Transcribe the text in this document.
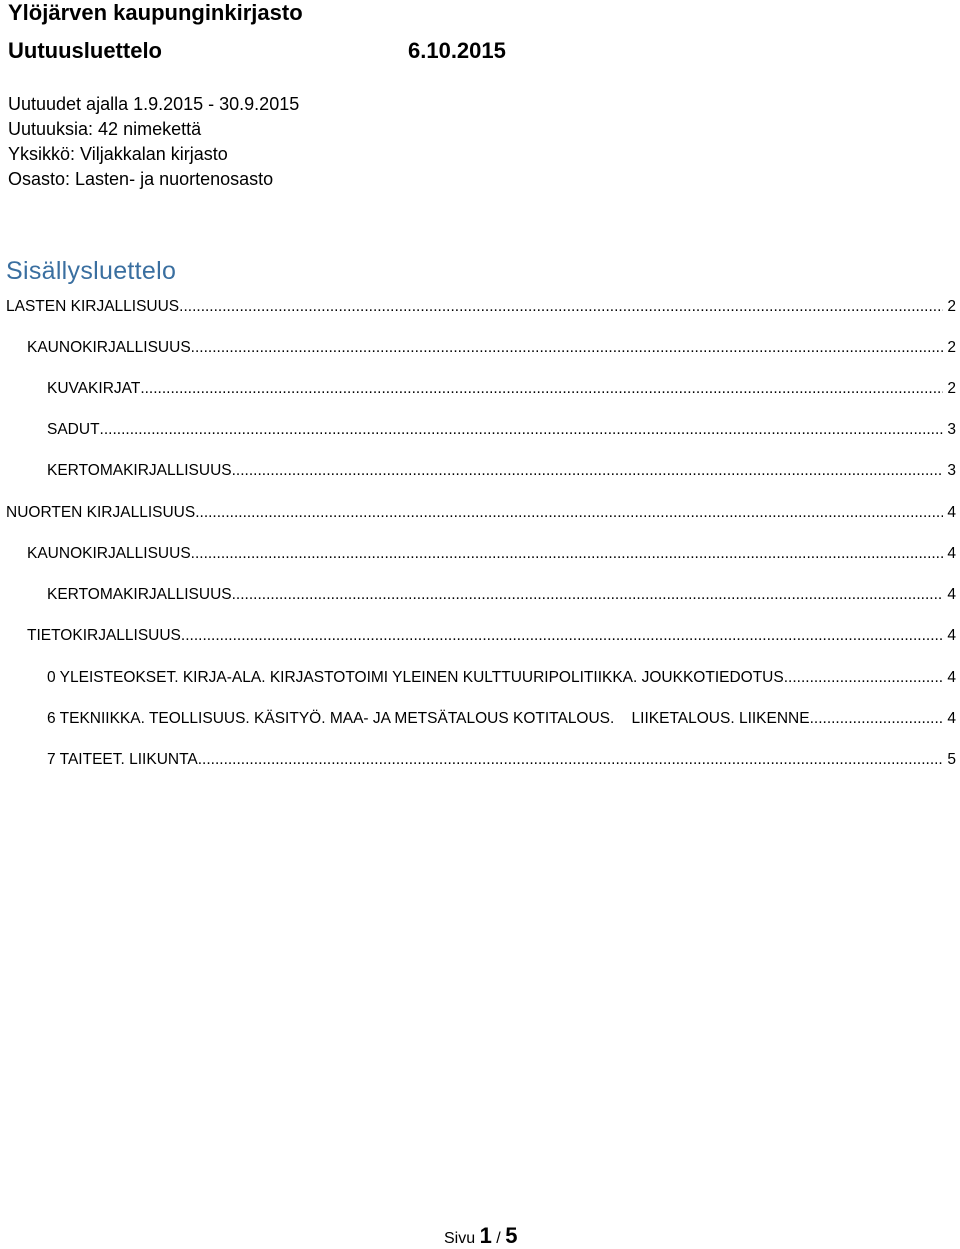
Ylöjärven kaupunginkirjasto
Uutuusluettelo	6.10.2015
Uutuudet ajalla 1.9.2015 - 30.9.2015
Uutuuksia: 42 nimekettä
Yksikkö: Viljakkalan kirjasto
Osasto: Lasten- ja nuortenosasto
Sisällysluettelo
LASTEN KIRJALLISUUS .....	2
KAUNOKIRJALLISUUS .....	2
KUVAKIRJAT .....	2
SADUT .....	3
KERTOMAKIRJALLISUUS .....	3
NUORTEN KIRJALLISUUS .....	4
KAUNOKIRJALLISUUS .....	4
KERTOMAKIRJALLISUUS .....	4
TIETOKIRJALLISUUS .....	4
0 YLEISTEOKSET. KIRJA-ALA. KIRJASTOTOIMI YLEINEN KULTTUURIPOLITIIKKA. JOUKKOTIEDOTUS .....	4
6 TEKNIIKKA. TEOLLISUUS. KÄSITYÖ. MAA- JA METSÄTALOUS KOTITALOUS.    LIIKETALOUS. LIIKENNE .....	4
7 TAITEET. LIIKUNTA .....	5
Sivu 1 / 5
